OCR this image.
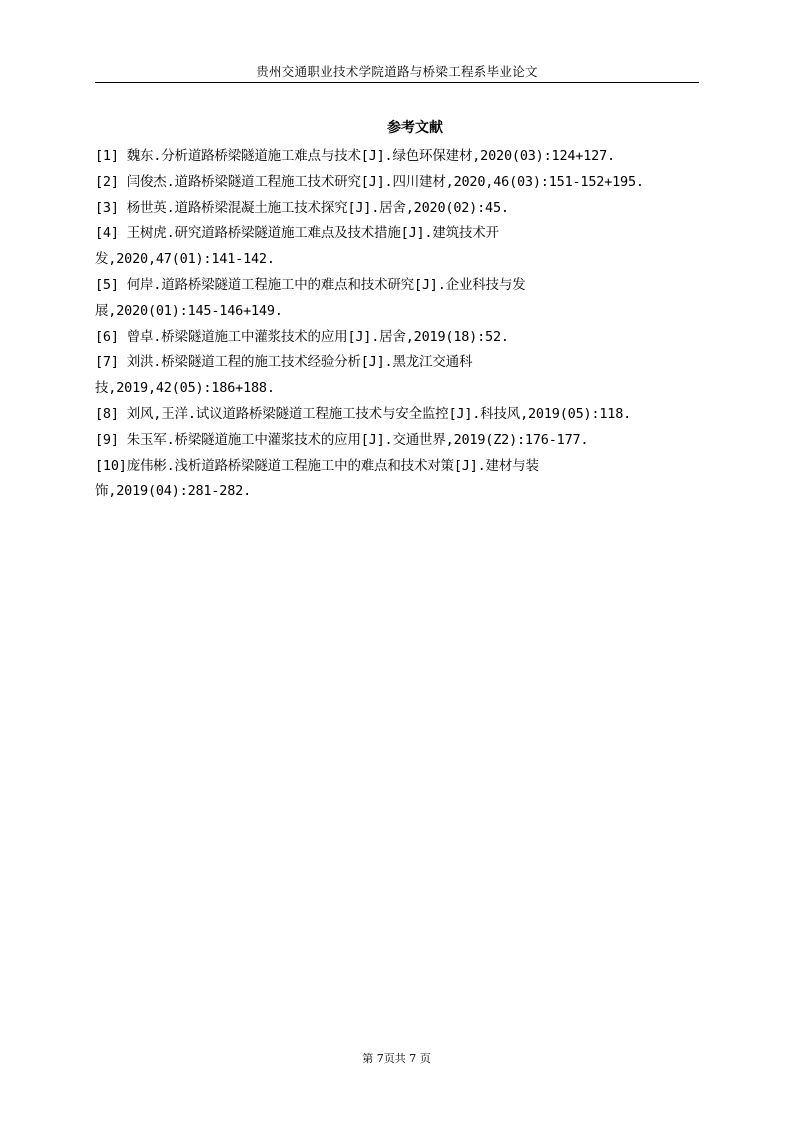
贵州交通职业技术学院道路与桥梁工程系毕业论文
参考文献
[1] 魏东.分析道路桥梁隧道施工难点与技术[J].绿色环保建材,2020(03):124+127.
[2] 闫俊杰.道路桥梁隧道工程施工技术研究[J].四川建材,2020,46(03):151-152+195.
[3] 杨世英.道路桥梁混凝土施工技术探究[J].居舍,2020(02):45.
[4] 王树虎.研究道路桥梁隧道施工难点及技术措施[J].建筑技术开
发,2020,47(01):141-142.
[5] 何岸.道路桥梁隧道工程施工中的难点和技术研究[J].企业科技与发
展,2020(01):145-146+149.
[6] 曾卓.桥梁隧道施工中灌浆技术的应用[J].居舍,2019(18):52.
[7] 刘洪.桥梁隧道工程的施工技术经验分析[J].黑龙江交通科
技,2019,42(05):186+188.
[8] 刘风,王洋.试议道路桥梁隧道工程施工技术与安全监控[J].科技风,2019(05):118.
[9] 朱玉军.桥梁隧道施工中灌浆技术的应用[J].交通世界,2019(Z2):176-177.
[10]庞伟彬.浅析道路桥梁隧道工程施工中的难点和技术对策[J].建材与装
饰,2019(04):281-282.
第 7页共 7 页
